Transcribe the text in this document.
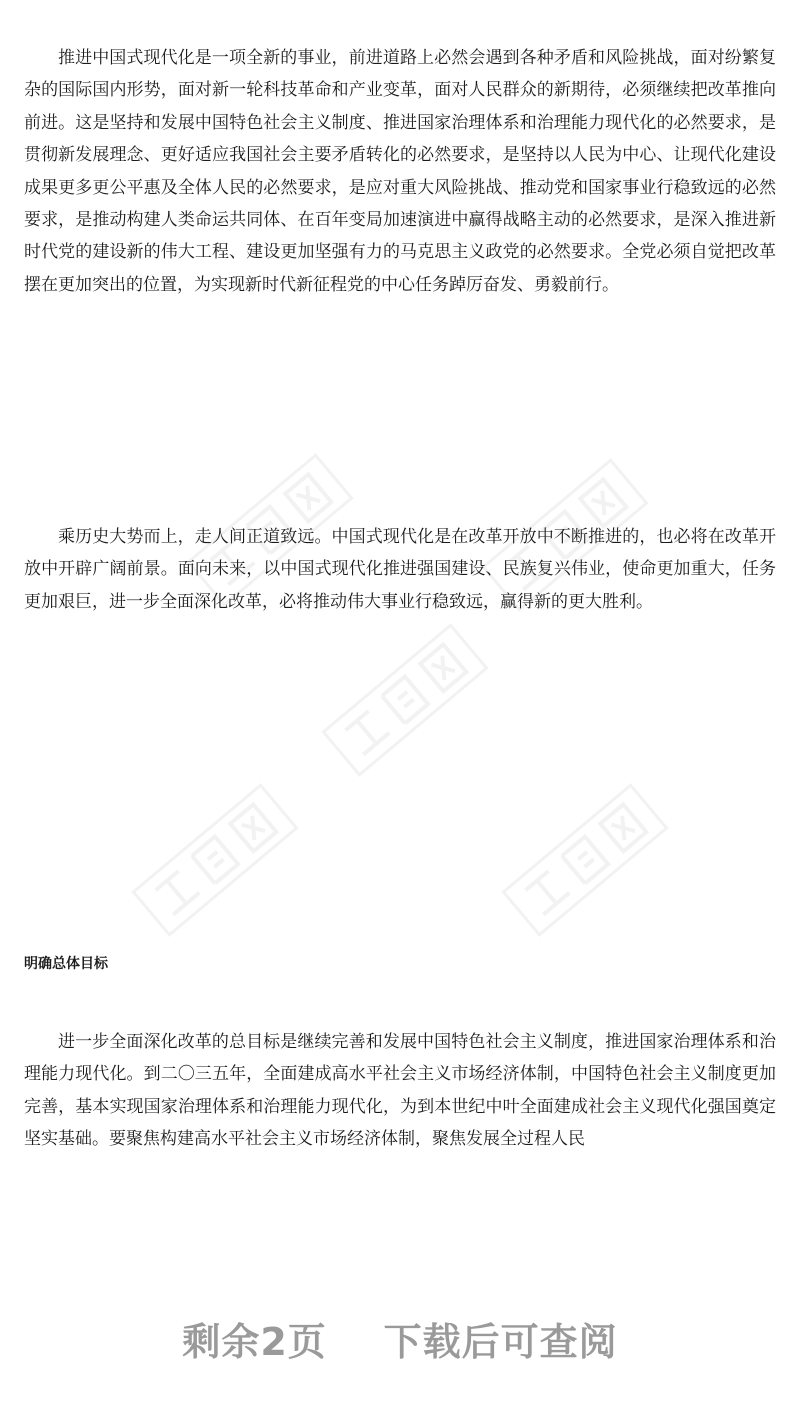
推进中国式现代化是一项全新的事业，前进道路上必然会遇到各种矛盾和风险挑战，面对纷繁复杂的国际国内形势，面对新一轮科技革命和产业变革，面对人民群众的新期待，必须继续把改革推向前进。这是坚持和发展中国特色社会主义制度、推进国家治理体系和治理能力现代化的必然要求，是贯彻新发展理念、更好适应我国社会主要矛盾转化的必然要求，是坚持以人民为中心、让现代化建设成果更多更公平惠及全体人民的必然要求，是应对重大风险挑战、推动党和国家事业行稳致远的必然要求，是推动构建人类命运共同体、在百年变局加速演进中赢得战略主动的必然要求，是深入推进新时代党的建设新的伟大工程、建设更加坚强有力的马克思主义政党的必然要求。全党必须自觉把改革摆在更加突出的位置，为实现新时代新征程党的中心任务踔厉奋发、勇毅前行。

乘历史大势而上，走人间正道致远。中国式现代化是在改革开放中不断推进的，也必将在改革开放中开辟广阔前景。面向未来，以中国式现代化推进强国建设、民族复兴伟业，使命更加重大，任务更加艰巨，进一步全面深化改革，必将推动伟大事业行稳致远，赢得新的更大胜利。

明确总体目标

进一步全面深化改革的总目标是继续完善和发展中国特色社会主义制度，推进国家治理体系和治理能力现代化。到二〇三五年，全面建成高水平社会主义市场经济体制，中国特色社会主义制度更加完善，基本实现国家治理体系和治理能力现代化，为到本世纪中叶全面建成社会主义现代化强国奠定坚实基础。要聚焦构建高水平社会主义市场经济体制，聚焦发展全过程人民

剩余2页    下载后可查阅
